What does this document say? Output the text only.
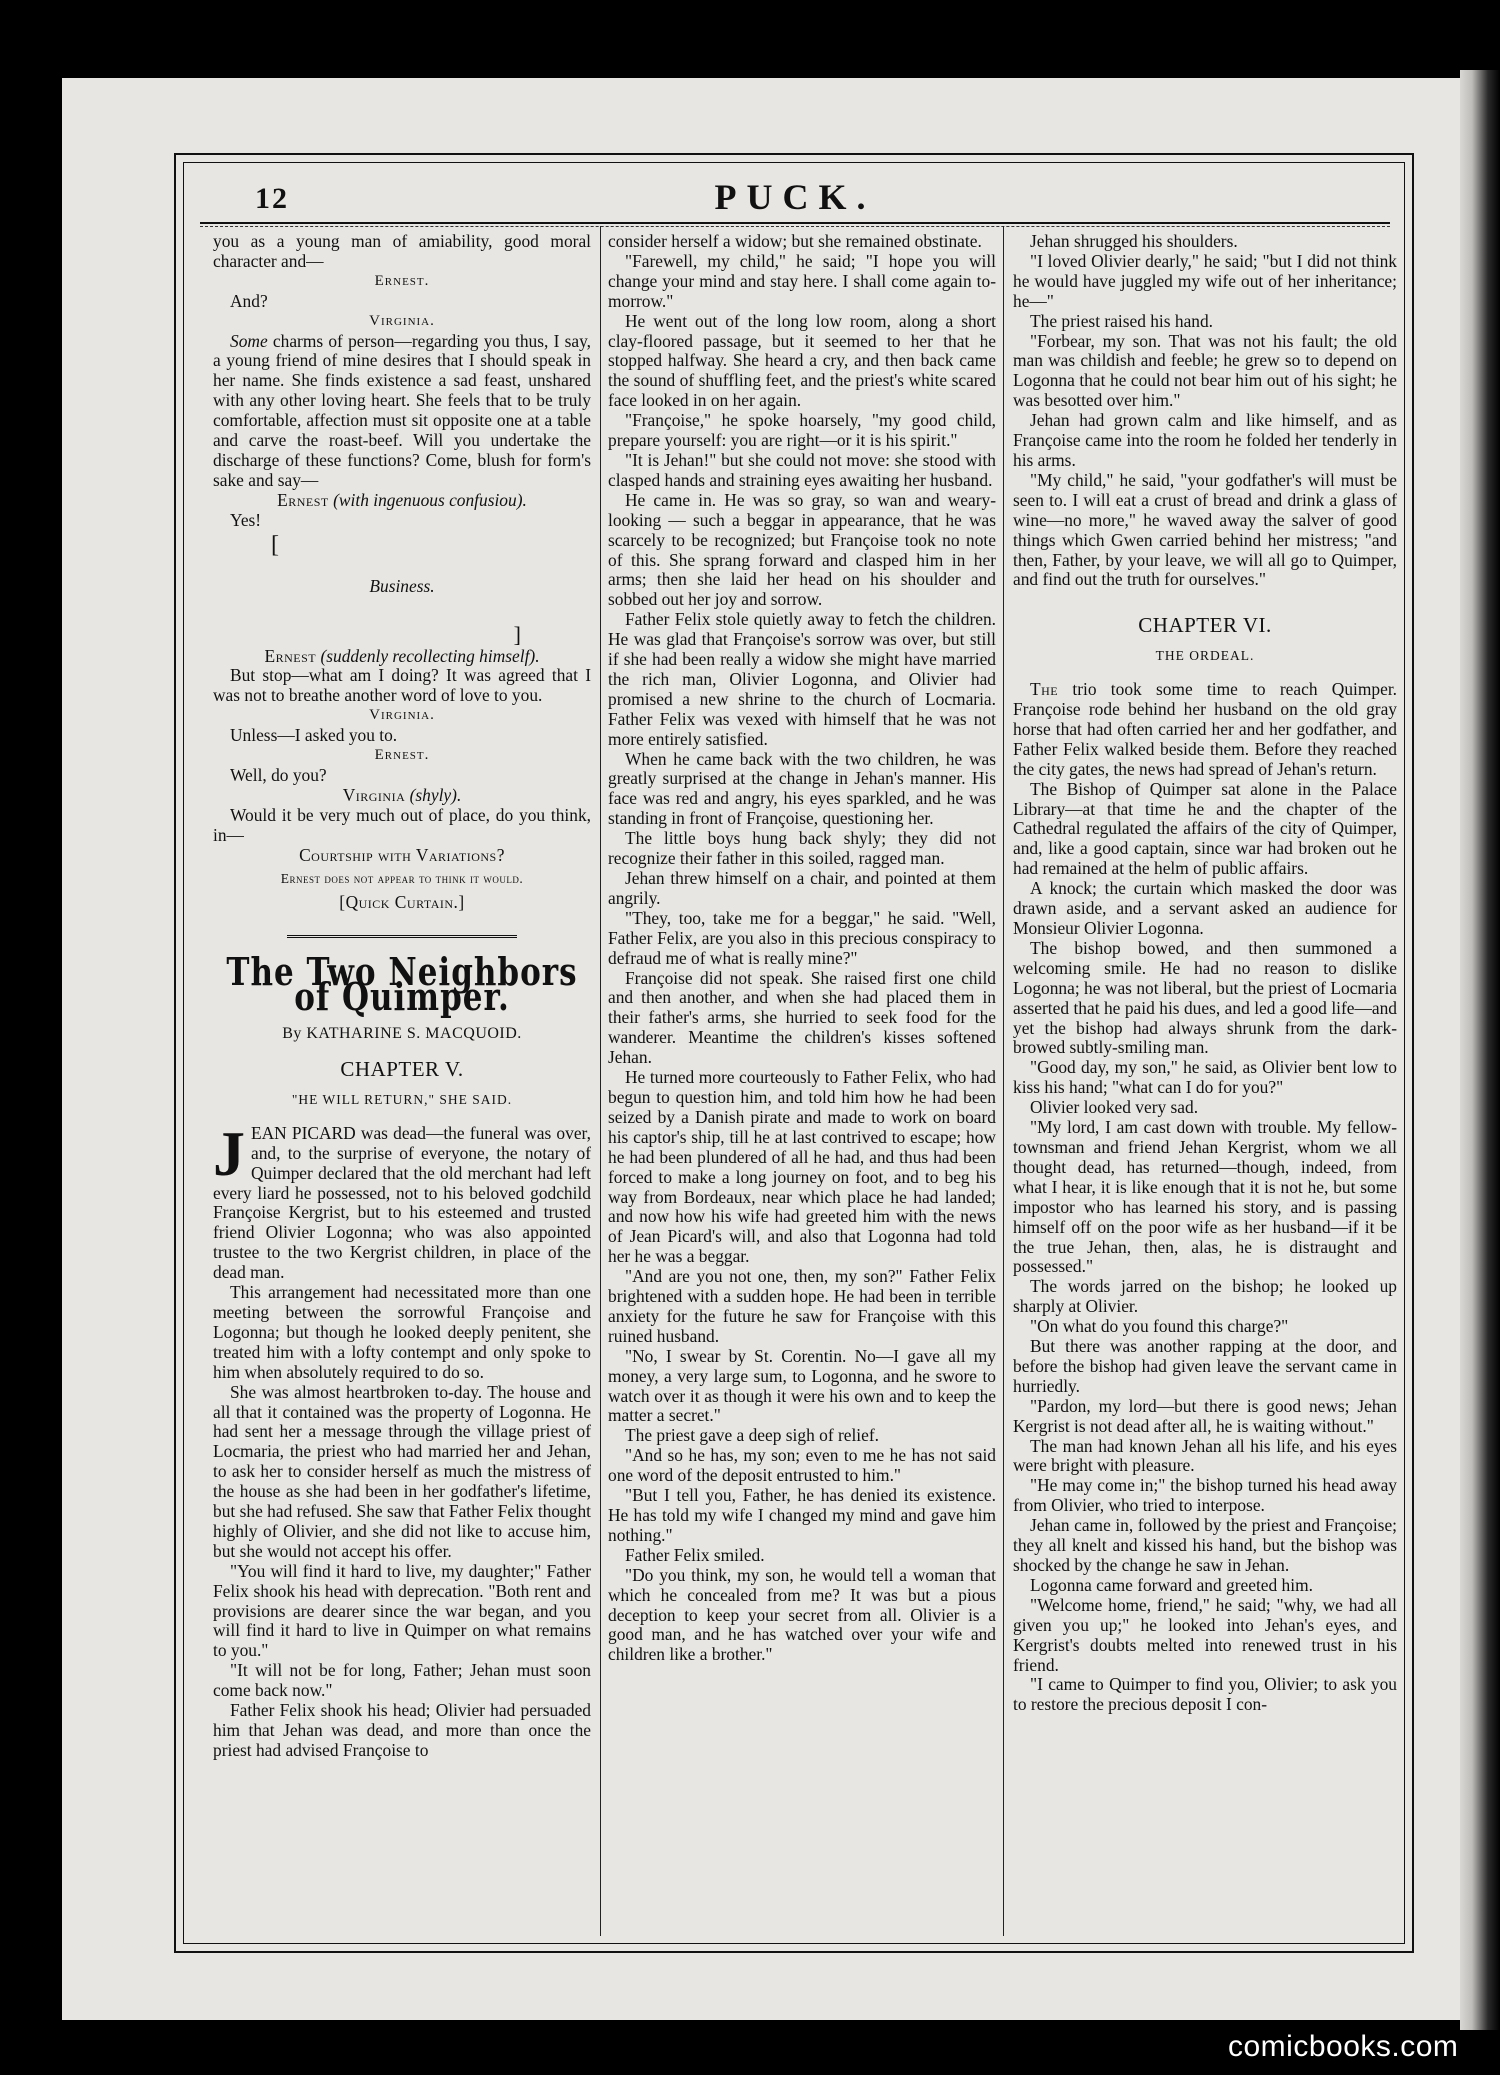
12	PUCK.

you as a young man of amiability, good moral character and—

Ernest.

And?

Virginia.

Some charms of person—regarding you thus, I say, a young friend of mine desires that I should speak in her name. She finds existence a sad feast, unshared with any other loving heart. She feels that to be truly comfortable, affection must sit opposite one at a table and carve the roast-beef. Will you undertake the discharge of these functions? Come, blush for form's sake and say—

Ernest (with ingenuous confusiou).

Yes!

[

Business.

]

Ernest (suddenly recollecting himself).

But stop—what am I doing? It was agreed that I was not to breathe another word of love to you.

Virginia.

Unless—I asked you to.

Ernest.

Well, do you?

Virginia (shyly).

Would it be very much out of place, do you think, in—

Courtship with Variations?

Ernest does not appear to think it would.

[Quick Curtain.]

The Two Neighbors of Quimper.

By KATHARINE S. MACQUOID.

CHAPTER V.

"HE WILL RETURN," SHE SAID.

JEAN PICARD was dead—the funeral was over, and, to the surprise of everyone, the notary of Quimper declared that the old merchant had left every liard he possessed, not to his beloved godchild Françoise Kergrist, but to his esteemed and trusted friend Olivier Logonna; who was also appointed trustee to the two Kergrist children, in place of the dead man.

This arrangement had necessitated more than one meeting between the sorrowful Françoise and Logonna; but though he looked deeply penitent, she treated him with a lofty contempt and only spoke to him when absolutely required to do so.

She was almost heartbroken to-day. The house and all that it contained was the property of Logonna. He had sent her a message through the village priest of Locmaria, the priest who had married her and Jehan, to ask her to consider herself as much the mistress of the house as she had been in her godfather's lifetime, but she had refused. She saw that Father Felix thought highly of Olivier, and she did not like to accuse him, but she would not accept his offer.

"You will find it hard to live, my daughter;" Father Felix shook his head with deprecation. "Both rent and provisions are dearer since the war began, and you will find it hard to live in Quimper on what remains to you."

"It will not be for long, Father; Jehan must soon come back now."

Father Felix shook his head; Olivier had persuaded him that Jehan was dead, and more than once the priest had advised Françoise to

consider herself a widow; but she remained obstinate.

"Farewell, my child," he said; "I hope you will change your mind and stay here. I shall come again to-morrow."

He went out of the long low room, along a short clay-floored passage, but it seemed to her that he stopped halfway. She heard a cry, and then back came the sound of shuffling feet, and the priest's white scared face looked in on her again.

"Françoise," he spoke hoarsely, "my good child, prepare yourself: you are right—or it is his spirit."

"It is Jehan!" but she could not move: she stood with clasped hands and straining eyes awaiting her husband.

He came in. He was so gray, so wan and weary-looking — such a beggar in appearance, that he was scarcely to be recognized; but Françoise took no note of this. She sprang forward and clasped him in her arms; then she laid her head on his shoulder and sobbed out her joy and sorrow.

Father Felix stole quietly away to fetch the children. He was glad that Françoise's sorrow was over, but still if she had been really a widow she might have married the rich man, Olivier Logonna, and Olivier had promised a new shrine to the church of Locmaria. Father Felix was vexed with himself that he was not more entirely satisfied.

When he came back with the two children, he was greatly surprised at the change in Jehan's manner. His face was red and angry, his eyes sparkled, and he was standing in front of Françoise, questioning her.

The little boys hung back shyly; they did not recognize their father in this soiled, ragged man.

Jehan threw himself on a chair, and pointed at them angrily.

"They, too, take me for a beggar," he said. "Well, Father Felix, are you also in this precious conspiracy to defraud me of what is really mine?"

Françoise did not speak. She raised first one child and then another, and when she had placed them in their father's arms, she hurried to seek food for the wanderer. Meantime the children's kisses softened Jehan.

He turned more courteously to Father Felix, who had begun to question him, and told him how he had been seized by a Danish pirate and made to work on board his captor's ship, till he at last contrived to escape; how he had been plundered of all he had, and thus had been forced to make a long journey on foot, and to beg his way from Bordeaux, near which place he had landed; and now how his wife had greeted him with the news of Jean Picard's will, and also that Logonna had told her he was a beggar.

"And are you not one, then, my son?" Father Felix brightened with a sudden hope. He had been in terrible anxiety for the future he saw for Françoise with this ruined husband.

"No, I swear by St. Corentin. No—I gave all my money, a very large sum, to Logonna, and he swore to watch over it as though it were his own and to keep the matter a secret."

The priest gave a deep sigh of relief.

"And so he has, my son; even to me he has not said one word of the deposit entrusted to him."

"But I tell you, Father, he has denied its existence. He has told my wife I changed my mind and gave him nothing."

Father Felix smiled.

"Do you think, my son, he would tell a woman that which he concealed from me? It was but a pious deception to keep your secret from all. Olivier is a good man, and he has watched over your wife and children like a brother."

Jehan shrugged his shoulders.

"I loved Olivier dearly," he said; "but I did not think he would have juggled my wife out of her inheritance; he—"

The priest raised his hand.

"Forbear, my son. That was not his fault; the old man was childish and feeble; he grew so to depend on Logonna that he could not bear him out of his sight; he was besotted over him."

Jehan had grown calm and like himself, and as Françoise came into the room he folded her tenderly in his arms.

"My child," he said, "your godfather's will must be seen to. I will eat a crust of bread and drink a glass of wine—no more," he waved away the salver of good things which Gwen carried behind her mistress; "and then, Father, by your leave, we will all go to Quimper, and find out the truth for ourselves."

CHAPTER VI.

THE ORDEAL.

The trio took some time to reach Quimper. Françoise rode behind her husband on the old gray horse that had often carried her and her godfather, and Father Felix walked beside them. Before they reached the city gates, the news had spread of Jehan's return.

The Bishop of Quimper sat alone in the Palace Library—at that time he and the chapter of the Cathedral regulated the affairs of the city of Quimper, and, like a good captain, since war had broken out he had remained at the helm of public affairs.

A knock; the curtain which masked the door was drawn aside, and a servant asked an audience for Monsieur Olivier Logonna.

The bishop bowed, and then summoned a welcoming smile. He had no reason to dislike Logonna; he was not liberal, but the priest of Locmaria asserted that he paid his dues, and led a good life—and yet the bishop had always shrunk from the dark-browed subtly-smiling man.

"Good day, my son," he said, as Olivier bent low to kiss his hand; "what can I do for you?"

Olivier looked very sad.

"My lord, I am cast down with trouble. My fellow-townsman and friend Jehan Kergrist, whom we all thought dead, has returned—though, indeed, from what I hear, it is like enough that it is not he, but some impostor who has learned his story, and is passing himself off on the poor wife as her husband—if it be the true Jehan, then, alas, he is distraught and possessed."

The words jarred on the bishop; he looked up sharply at Olivier.

"On what do you found this charge?"

But there was another rapping at the door, and before the bishop had given leave the servant came in hurriedly.

"Pardon, my lord—but there is good news; Jehan Kergrist is not dead after all, he is waiting without."

The man had known Jehan all his life, and his eyes were bright with pleasure.

"He may come in;" the bishop turned his head away from Olivier, who tried to interpose.

Jehan came in, followed by the priest and Françoise; they all knelt and kissed his hand, but the bishop was shocked by the change he saw in Jehan.

Logonna came forward and greeted him.

"Welcome home, friend," he said; "why, we had all given you up;" he looked into Jehan's eyes, and Kergrist's doubts melted into renewed trust in his friend.

"I came to Quimper to find you, Olivier; to ask you to restore the precious deposit I con-

comicbooks.com
